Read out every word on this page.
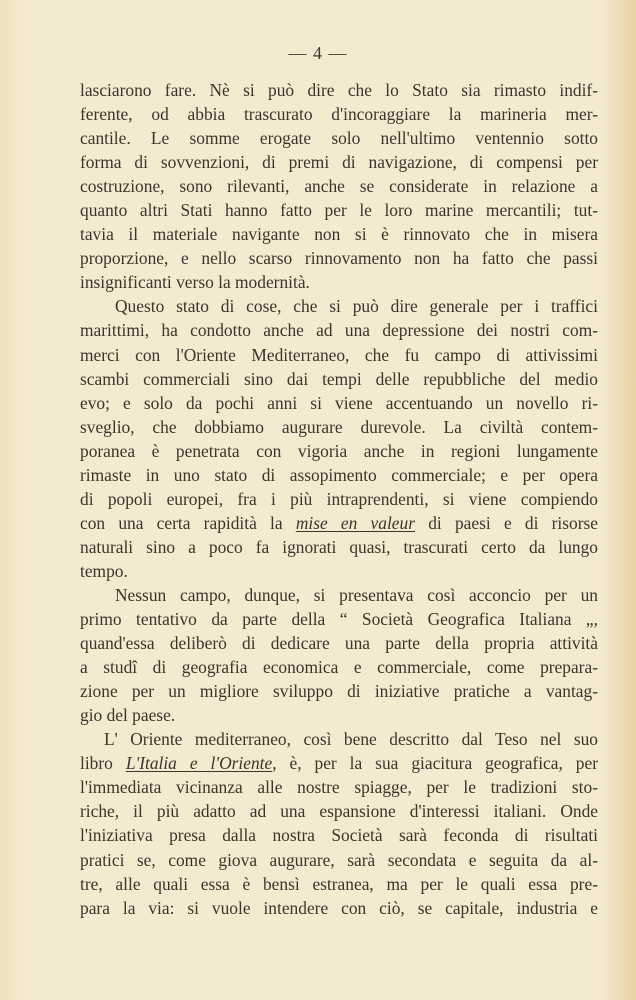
— 4 —
lasciarono fare. Nè si può dire che lo Stato sia rimasto indif-
ferente, od abbia trascurato d'incoraggiare la marineria mer-
cantile. Le somme erogate solo nell'ultimo ventennio sotto
forma di sovvenzioni, di premi di navigazione, di compensi per
costruzione, sono rilevanti, anche se considerate in relazione a
quanto altri Stati hanno fatto per le loro marine mercantili; tut-
tavia il materiale navigante non si è rinnovato che in misera
proporzione, e nello scarso rinnovamento non ha fatto che passi
insignificanti verso la modernità.
Questo stato di cose, che si può dire generale per i traffici
marittimi, ha condotto anche ad una depressione dei nostri com-
merci con l'Oriente Mediterraneo, che fu campo di attivissimi
scambi commerciali sino dai tempi delle repubbliche del medio
evo; e solo da pochi anni si viene accentuando un novello ri-
sveglio, che dobbiamo augurare durevole. La civiltà contem-
poranea è penetrata con vigoria anche in regioni lungamente
rimaste in uno stato di assopimento commerciale; e per opera
di popoli europei, fra i più intraprendenti, si viene compiendo
con una certa rapidità la mise en valeur di paesi e di risorse
naturali sino a poco fa ignorati quasi, trascurati certo da lungo
tempo.
Nessun campo, dunque, si presentava così acconcio per un
primo tentativo da parte della “ Società Geografica Italiana „,
quand'essa deliberò di dedicare una parte della propria attività
a studî di geografia economica e commerciale, come prepara-
zione per un migliore sviluppo di iniziative pratiche a vantag-
gio del paese.
L' Oriente mediterraneo, così bene descritto dal Teso nel suo
libro L'Italia e l'Oriente, è, per la sua giacitura geografica, per
l'immediata vicinanza alle nostre spiagge, per le tradizioni sto-
riche, il più adatto ad una espansione d'interessi italiani. Onde
l'iniziativa presa dalla nostra Società sarà feconda di risultati
pratici se, come giova augurare, sarà secondata e seguita da al-
tre, alle quali essa è bensì estranea, ma per le quali essa pre-
para la via: si vuole intendere con ciò, se capitale, industria e
